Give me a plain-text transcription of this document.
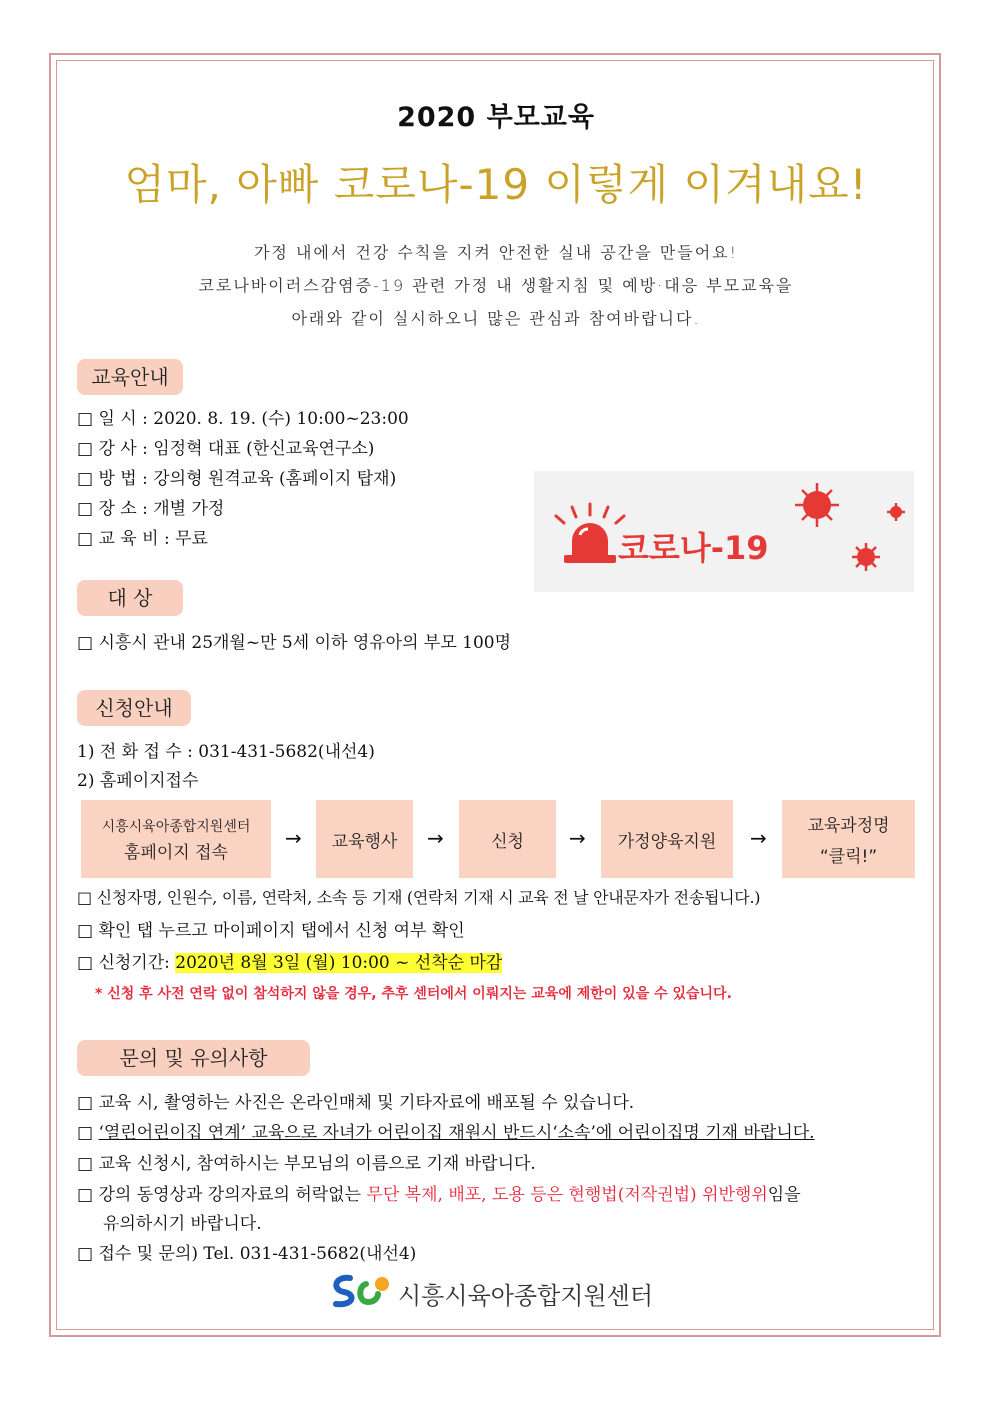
2020 부모교육
엄마, 아빠 코로나-19 이렇게 이겨내요!
가정 내에서 건강 수칙을 지켜 안전한 실내 공간을 만들어요!
코로나바이러스감염증-19 관련 가정 내 생활지침 및 예방·대응 부모교육을
아래와 같이 실시하오니 많은 관심과 참여바랍니다.
교육안내
□ 일 시 : 2020. 8. 19. (수) 10:00~23:00
□ 강 사 : 임정혁 대표 (한신교육연구소)
□ 방 법 : 강의형 원격교육 (홈페이지 탑재)
□ 장 소 : 개별 가정
□ 교 육 비 : 무료	코로나-19
대 상
□ 시흥시 관내 25개월~만 5세 이하 영유아의 부모 100명
신청안내
1) 전 화 접 수 : 031-431-5682(내선4)
2) 홈페이지접수
시흥시육아종합지원센터
홈페이지 접속
→ 교육행사 →	신청 → 가정양육지원 → 교육과정명
“클릭!”
□ 신청자명, 인원수, 이름, 연락처, 소속 등 기재 (연락처 기재 시 교육 전 날 안내문자가 전송됩니다.)
□ 확인 탭 누르고 마이페이지 탭에서 신청 여부 확인
□ 신청기간: 2020년 8월 3일 (월) 10:00 ~ 선착순 마감
* 신청 후 사전 연락 없이 참석하지 않을 경우, 추후 센터에서 이뤄지는 교육에 제한이 있을 수 있습니다.
문의 및 유의사항
□ 교육 시, 촬영하는 사진은 온라인매체 및 기타자료에 배포될 수 있습니다.
□ ‘열린어린이집 연계’ 교육으로 자녀가 어린이집 재원시 반드시‘소속’에 어린이집명 기재 바랍니다.
□ 교육 신청시, 참여하시는 부모님의 이름으로 기재 바랍니다.
□ 강의 동영상과 강의자료의 허락없는 무단 복제, 배포, 도용 등은 현행법(저작권법) 위반행위임을
유의하시기 바랍니다.
□ 접수 및 문의) Tel. 031-431-5682(내선4)
시흥시육아종합지원센터
